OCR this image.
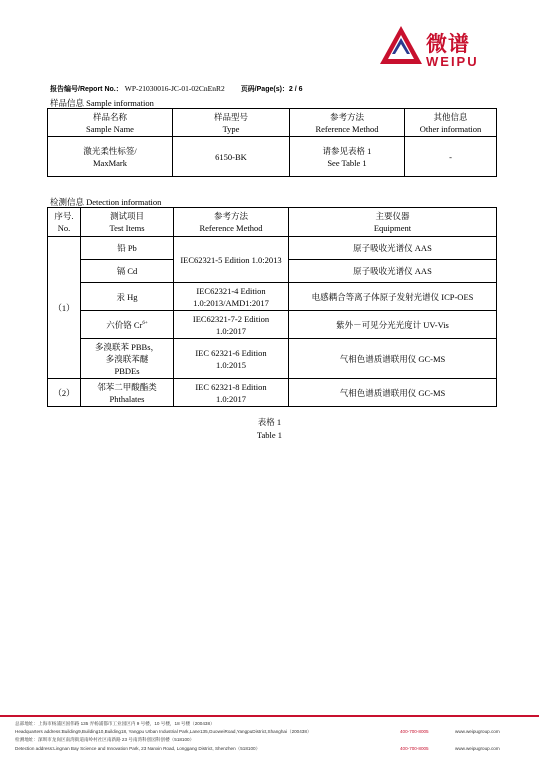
微谱
WEIPU
报告编号/Report No.： WP-21030016-JC-01-02CnEnR2 页码/Page(s)：2 / 6
样品信息 Sample information
样品名称
Sample Name	样品型号
Type	参考方法
Reference Method	其他信息
Other information
激光柔性标签/
MaxMark	6150-BK	请参见表格 1
See Table 1	-
检测信息 Detection information
序号.
No.	测试项目
Test Items	参考方法
Reference Method	主要仪器
Equipment
（1）	铅 Pb	IEC62321-5 Edition 1.0:2013	原子吸收光谱仪 AAS
	镉 Cd		原子吸收光谱仪 AAS
	汞 Hg	IEC62321-4 Edition
1.0:2013/AMD1:2017	电感耦合等离子体原子发射光谱仪 ICP-OES
	六价铬 $Cr^{6+}$	IEC62321-7-2 Edition
1.0:2017	紫外－可见分光光度计 UV-Vis
	多溴联苯 PBBs，
多溴联苯醚
PBDEs	IEC 62321-6 Edition
1.0:2015	气相色谱质谱联用仪 GC-MS
（2）	邻苯二甲酸酯类
Phthalates	IEC 62321-8 Edition
1.0:2017	气相色谱质谱联用仪 GC-MS
表格 1
Table 1
总部地址：上海市杨浦区国伟路 135 弄杨浦都市工业园区内 9 号楼，10 号楼，18 号楼（200438）
Headquarters address:Building9,Building10,Building18, Yangpu Urban Industrial Park,Lane135,GuoweiRoad,YangpuDistrict,Shanghai（200438）	400-700-8005	www.weipugroup.com
检测地址：深圳市龙岗区南湾街道南岭村社区南新路 23 号南湾科创园科创楼（518100）
Detection address:Lingnan Bay Science and Innovation Park, 23 Nanxin Road, Longgang District, Shenzhen（518100）	400-700-8005	www.weipugroup.com
